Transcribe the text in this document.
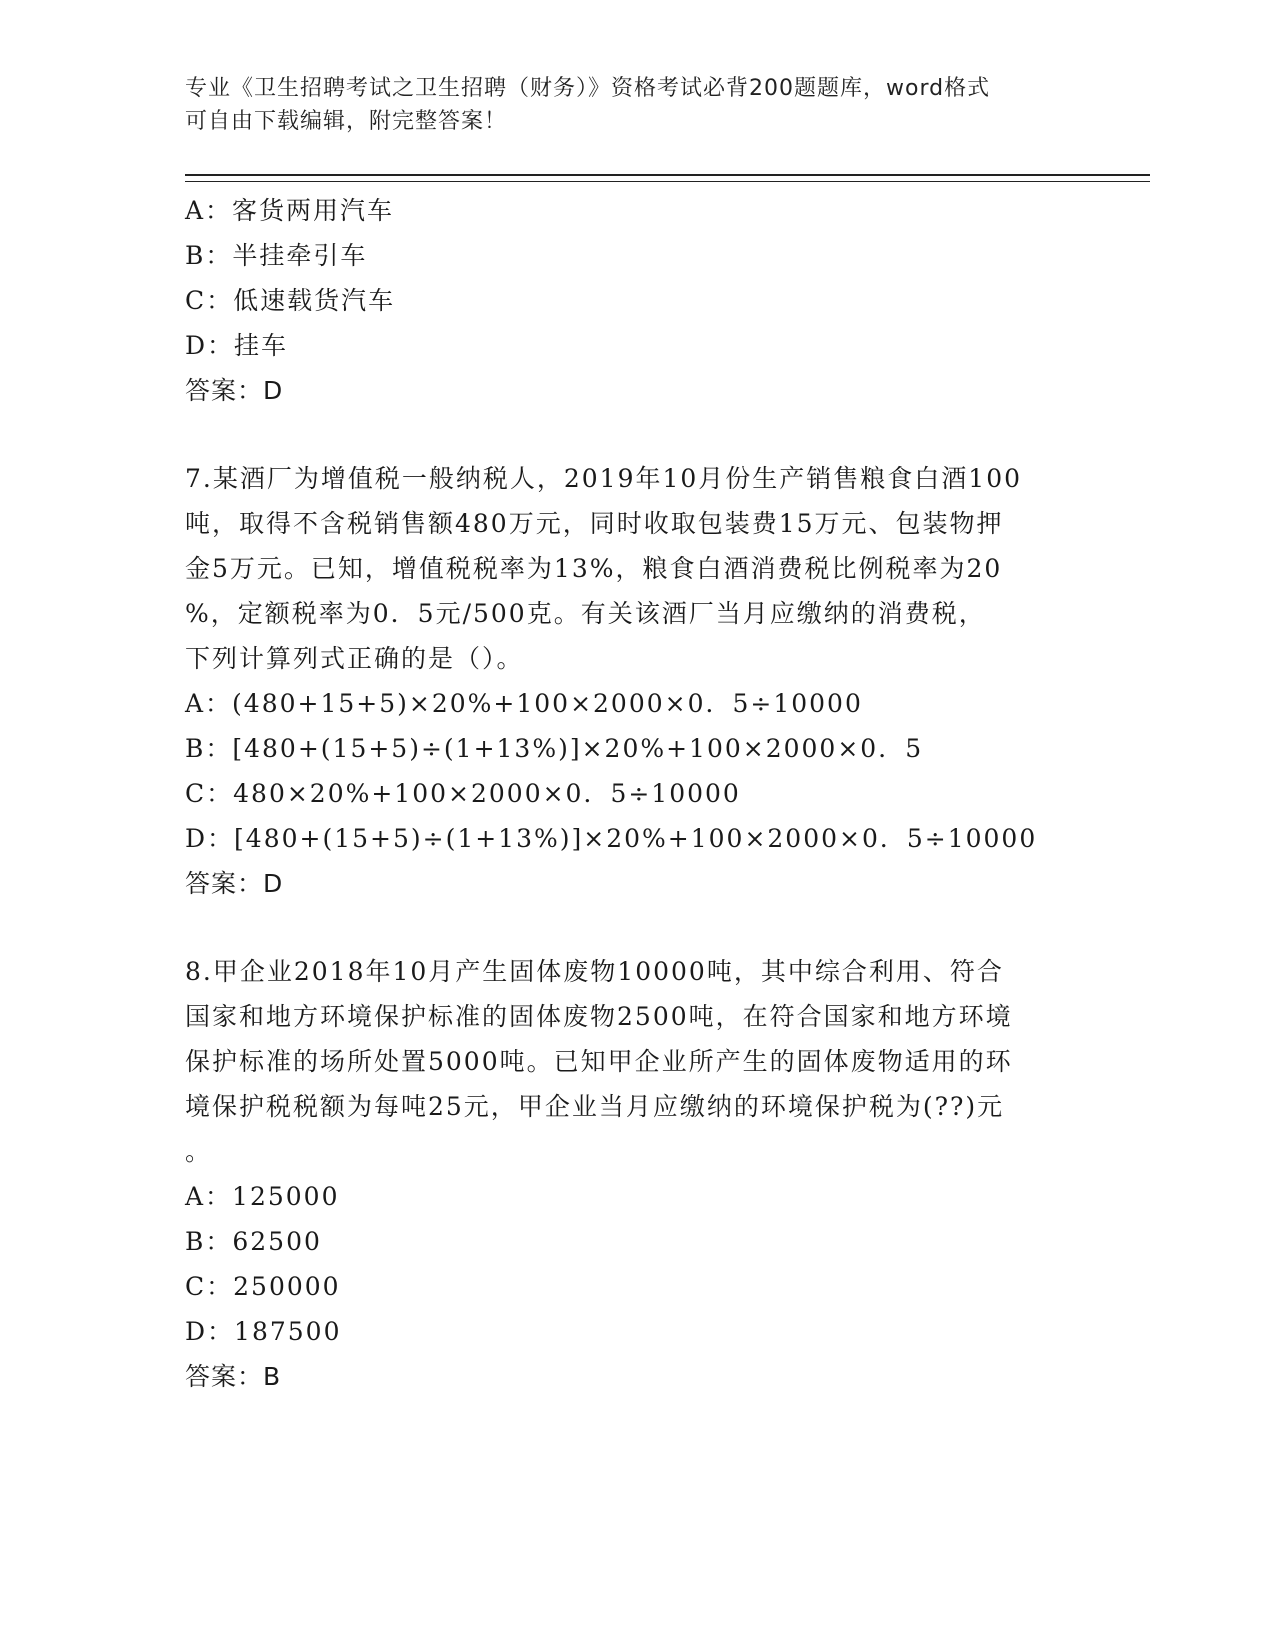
专业《卫生招聘考试之卫生招聘（财务）》资格考试必背200题题库，word格式
可自由下载编辑，附完整答案！
A：客货两用汽车
B：半挂牵引车
C：低速载货汽车
D：挂车
答案：D
7.某酒厂为增值税一般纳税人，2019年10月份生产销售粮食白酒100
吨，取得不含税销售额480万元，同时收取包装费15万元、包装物押
金5万元。已知，增值税税率为13%，粮食白酒消费税比例税率为20
%，定额税率为0．5元/500克。有关该酒厂当月应缴纳的消费税，
下列计算列式正确的是（）。
A：(480+15+5)×20%+100×2000×0．5÷10000
B：[480+(15+5)÷(1+13%)]×20%+100×2000×0．5
C：480×20%+100×2000×0．5÷10000
D：[480+(15+5)÷(1+13%)]×20%+100×2000×0．5÷10000
答案：D
8.甲企业2018年10月产生固体废物10000吨，其中综合利用、符合
国家和地方环境保护标准的固体废物2500吨，在符合国家和地方环境
保护标准的场所处置5000吨。已知甲企业所产生的固体废物适用的环
境保护税税额为每吨25元，甲企业当月应缴纳的环境保护税为(??)元
。
A：125000
B：62500
C：250000
D：187500
答案：B
